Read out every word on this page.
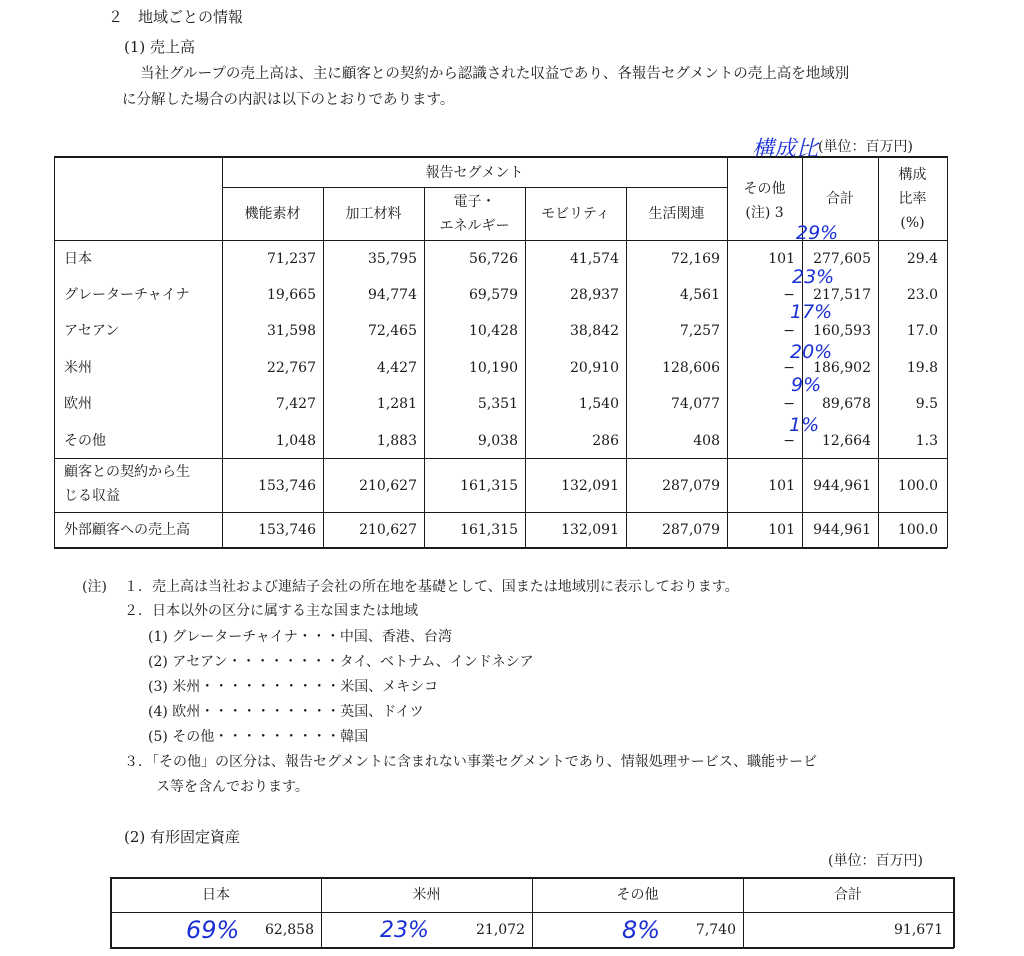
２　地域ごとの情報
(1) 売上高
当社グループの売上高は、主に顧客との契約から認識された収益であり、各報告セグメントの売上高を地域別
に分解した場合の内訳は以下のとおりであります。
構成比 (単位：百万円)
報告セグメント
機能素材	加工材料
電子・
エネルギー
モビリティ	生活関連
その他
(注) 3
合計
構成
比率
(%)
日本	71,237	35,795	56,726	41,574	72,169	101	277,605	29.4
グレーターチャイナ	19,665	94,774	69,579	28,937	4,561	−	217,517	23.0
アセアン	31,598	72,465	10,428	38,842	7,257	−	160,593	17.0
米州	22,767	4,427	10,190	20,910	128,606	−	186,902	19.8
欧州	7,427	1,281	5,351	1,540	74,077	−	89,678	9.5
その他	1,048	1,883	9,038	286	408	−	12,664	1.3
29%
23%
17%
20%
9%
1%
顧客との契約から生
じる収益
153,746	210,627	161,315	132,091	287,079	101	944,961	100.0
外部顧客への売上高	153,746	210,627	161,315	132,091	287,079	101	944,961	100.0
(注) １．売上高は当社および連結子会社の所在地を基礎として、国または地域別に表示しております。
２．日本以外の区分に属する主な国または地域
(1) グレーターチャイナ・・・中国、香港、台湾
(2) アセアン・・・・・・・・タイ、ベトナム、インドネシア
(3) 米州・・・・・・・・・・米国、メキシコ
(4) 欧州・・・・・・・・・・英国、ドイツ
(5) その他・・・・・・・・・韓国
３．「その他」の区分は、報告セグメントに含まれない事業セグメントであり、情報処理サービス、職能サービ
ス等を含んでおります。
(2) 有形固定資産
(単位：百万円)
日本	米州	その他	合計
62,858	21,072	7,740	91,671
69%	23%	8%
